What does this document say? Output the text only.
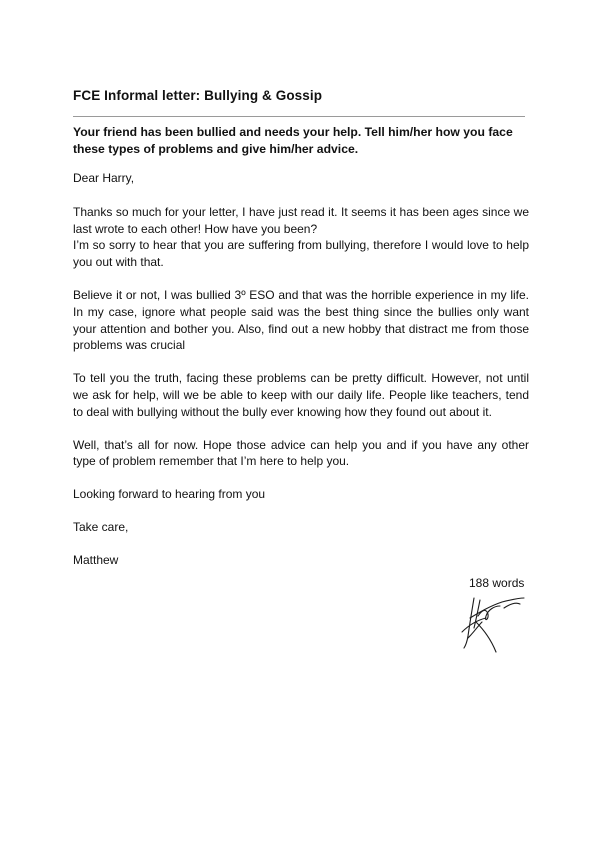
FCE Informal letter: Bullying & Gossip
Your friend has been bullied and needs your help. Tell him/her how you face these types of problems and give him/her advice.

Dear Harry,

Thanks so much for your letter, I have just read it. It seems it has been ages since we last wrote to each other! How have you been?

I’m so sorry to hear that you are suffering from bullying, therefore I would love to help you out with that.

Believe it or not, I was bullied 3º ESO and that was the horrible experience in my life. In my case, ignore what people said was the best thing since the bullies only want your attention and bother you. Also, find out a new hobby that distract me from those problems was crucial

To tell you the truth, facing these problems can be pretty difficult. However, not until we ask for help, will we be able to keep with our daily life. People like teachers, tend to deal with bullying without the bully ever knowing how they found out about it.

Well, that’s all for now. Hope those advice can help you and if you have any other type of problem remember that I’m here to help you.

Looking forward to hearing from you

Take care,

Matthew

188 words
